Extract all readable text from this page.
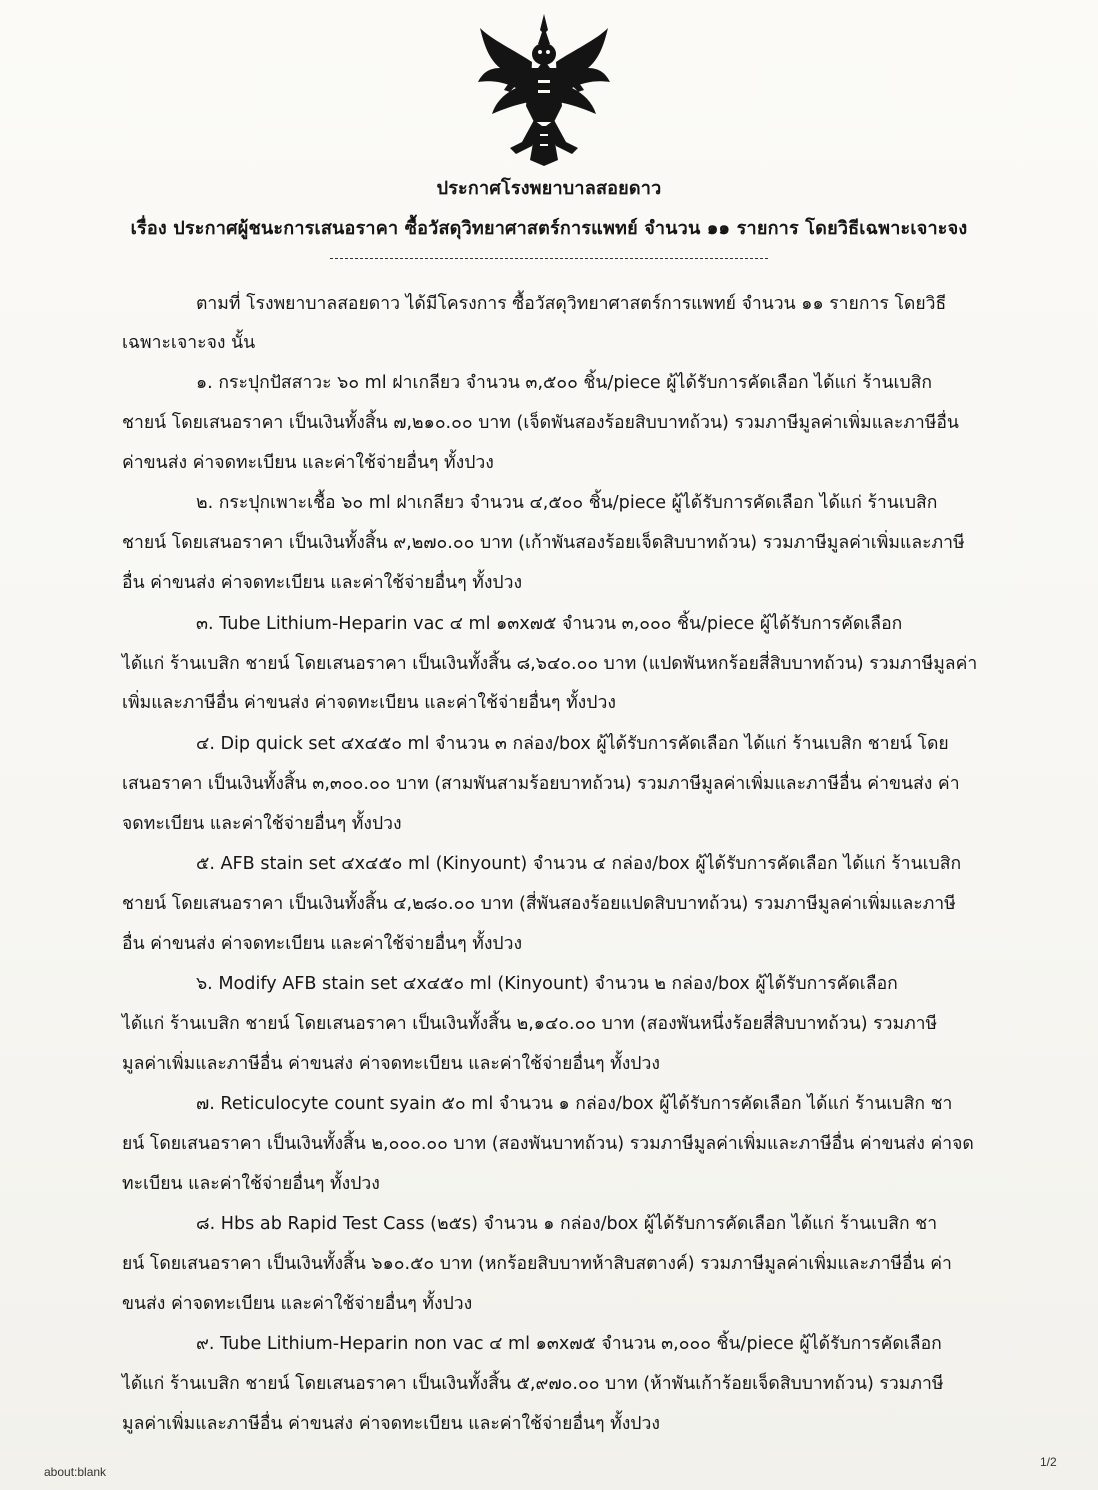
ประกาศโรงพยาบาลสอยดาว
เรื่อง ประกาศผู้ชนะการเสนอราคา ซื้อวัสดุวิทยาศาสตร์การแพทย์ จำนวน ๑๑ รายการ โดยวิธีเฉพาะเจาะจง
ตามที่ โรงพยาบาลสอยดาว ได้มีโครงการ ซื้อวัสดุวิทยาศาสตร์การแพทย์ จำนวน ๑๑ รายการ โดยวิธี
เฉพาะเจาะจง นั้น
๑. กระปุกปัสสาวะ ๖๐ ml ฝาเกลียว จำนวน ๓,๕๐๐ ชิ้น/piece ผู้ได้รับการคัดเลือก ได้แก่ ร้านเบสิก
ชายน์ โดยเสนอราคา เป็นเงินทั้งสิ้น ๗,๒๑๐.๐๐ บาท (เจ็ดพันสองร้อยสิบบาทถ้วน) รวมภาษีมูลค่าเพิ่มและภาษีอื่น
ค่าขนส่ง ค่าจดทะเบียน และค่าใช้จ่ายอื่นๆ ทั้งปวง
๒. กระปุกเพาะเชื้อ ๖๐ ml ฝาเกลียว จำนวน ๔,๕๐๐ ชิ้น/piece ผู้ได้รับการคัดเลือก ได้แก่ ร้านเบสิก
ชายน์ โดยเสนอราคา เป็นเงินทั้งสิ้น ๙,๒๗๐.๐๐ บาท (เก้าพันสองร้อยเจ็ดสิบบาทถ้วน) รวมภาษีมูลค่าเพิ่มและภาษี
อื่น ค่าขนส่ง ค่าจดทะเบียน และค่าใช้จ่ายอื่นๆ ทั้งปวง
๓. Tube Lithium-Heparin vac ๔ ml ๑๓x๗๕ จำนวน ๓,๐๐๐ ชิ้น/piece ผู้ได้รับการคัดเลือก
ได้แก่ ร้านเบสิก ชายน์ โดยเสนอราคา เป็นเงินทั้งสิ้น ๘,๖๔๐.๐๐ บาท (แปดพันหกร้อยสี่สิบบาทถ้วน) รวมภาษีมูลค่า
เพิ่มและภาษีอื่น ค่าขนส่ง ค่าจดทะเบียน และค่าใช้จ่ายอื่นๆ ทั้งปวง
๔. Dip quick set ๔x๔๕๐ ml จำนวน ๓ กล่อง/box ผู้ได้รับการคัดเลือก ได้แก่ ร้านเบสิก ชายน์ โดย
เสนอราคา เป็นเงินทั้งสิ้น ๓,๓๐๐.๐๐ บาท (สามพันสามร้อยบาทถ้วน) รวมภาษีมูลค่าเพิ่มและภาษีอื่น ค่าขนส่ง ค่า
จดทะเบียน และค่าใช้จ่ายอื่นๆ ทั้งปวง
๕. AFB stain set ๔x๔๕๐ ml (Kinyount) จำนวน ๔ กล่อง/box ผู้ได้รับการคัดเลือก ได้แก่ ร้านเบสิก
ชายน์ โดยเสนอราคา เป็นเงินทั้งสิ้น ๔,๒๘๐.๐๐ บาท (สี่พันสองร้อยแปดสิบบาทถ้วน) รวมภาษีมูลค่าเพิ่มและภาษี
อื่น ค่าขนส่ง ค่าจดทะเบียน และค่าใช้จ่ายอื่นๆ ทั้งปวง
๖. Modify AFB stain set ๔x๔๕๐ ml (Kinyount) จำนวน ๒ กล่อง/box ผู้ได้รับการคัดเลือก
ได้แก่ ร้านเบสิก ชายน์ โดยเสนอราคา เป็นเงินทั้งสิ้น ๒,๑๔๐.๐๐ บาท (สองพันหนึ่งร้อยสี่สิบบาทถ้วน) รวมภาษี
มูลค่าเพิ่มและภาษีอื่น ค่าขนส่ง ค่าจดทะเบียน และค่าใช้จ่ายอื่นๆ ทั้งปวง
๗. Reticulocyte count syain ๕๐ ml จำนวน ๑ กล่อง/box ผู้ได้รับการคัดเลือก ได้แก่ ร้านเบสิก ชา
ยน์ โดยเสนอราคา เป็นเงินทั้งสิ้น ๒,๐๐๐.๐๐ บาท (สองพันบาทถ้วน) รวมภาษีมูลค่าเพิ่มและภาษีอื่น ค่าขนส่ง ค่าจด
ทะเบียน และค่าใช้จ่ายอื่นๆ ทั้งปวง
๘. Hbs ab Rapid Test Cass (๒๕s) จำนวน ๑ กล่อง/box ผู้ได้รับการคัดเลือก ได้แก่ ร้านเบสิก ชา
ยน์ โดยเสนอราคา เป็นเงินทั้งสิ้น ๖๑๐.๕๐ บาท (หกร้อยสิบบาทห้าสิบสตางค์) รวมภาษีมูลค่าเพิ่มและภาษีอื่น ค่า
ขนส่ง ค่าจดทะเบียน และค่าใช้จ่ายอื่นๆ ทั้งปวง
๙. Tube Lithium-Heparin non vac ๔ ml ๑๓x๗๕ จำนวน ๓,๐๐๐ ชิ้น/piece ผู้ได้รับการคัดเลือก
ได้แก่ ร้านเบสิก ชายน์ โดยเสนอราคา เป็นเงินทั้งสิ้น ๕,๙๗๐.๐๐ บาท (ห้าพันเก้าร้อยเจ็ดสิบบาทถ้วน) รวมภาษี
มูลค่าเพิ่มและภาษีอื่น ค่าขนส่ง ค่าจดทะเบียน และค่าใช้จ่ายอื่นๆ ทั้งปวง
about:blank
1/2
